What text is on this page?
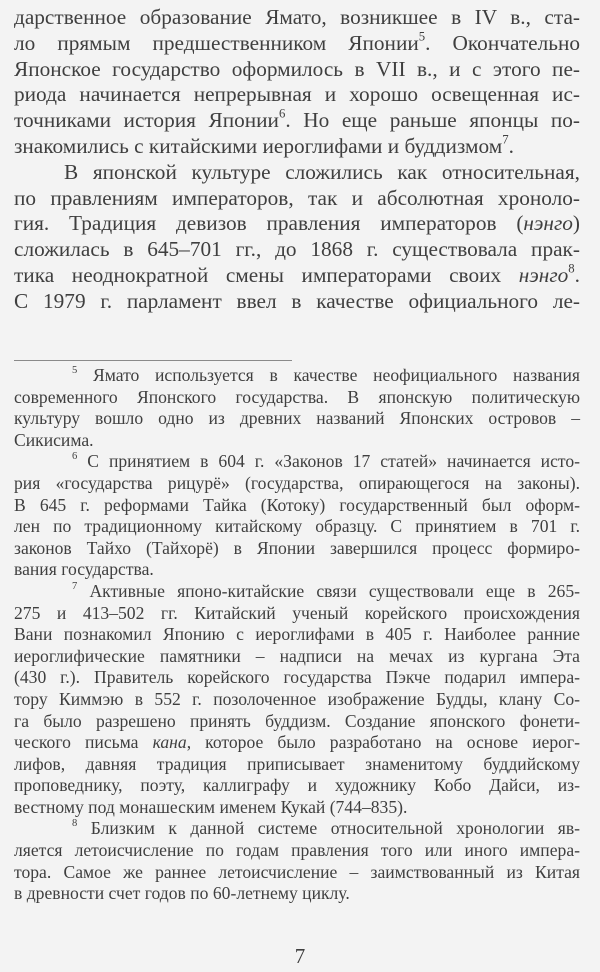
дарственное образование Ямато, возникшее в IV в., ста-
ло прямым предшественником Японии$^5$. Окончательно
Японское государство оформилось в VII в., и с этого пе-
риода начинается непрерывная и хорошо освещенная ис-
точниками история Японии$^6$. Но еще раньше японцы по-
знакомились с китайскими иероглифами и буддизмом$^7$.
В японской культуре сложились как относительная,
по правлениям императоров, так и абсолютная хроноло-
гия. Традиция девизов правления императоров (нэнго)
сложилась в 645–701 гг., до 1868 г. существовала прак-
тика неоднократной смены императорами своих нэнго$^8$.
С 1979 г. парламент ввел в качестве официального ле-
$^5$ Ямато используется в качестве неофициального названия
современного Японского государства. В японскую политическую
культуру вошло одно из древних названий Японских островов –
Сикисима.
$^6$ С принятием в 604 г. «Законов 17 статей» начинается исто-
рия «государства рицурё» (государства, опирающегося на законы).
В 645 г. реформами Тайка (Котоку) государственный был оформ-
лен по традиционному китайскому образцу. С принятием в 701 г.
законов Тайхо (Тайхорё) в Японии завершился процесс формиро-
вания государства.
$^7$ Активные японо-китайские связи существовали еще в 265-
275 и 413–502 гг. Китайский ученый корейского происхождения
Вани познакомил Японию с иероглифами в 405 г. Наиболее ранние
иероглифические памятники – надписи на мечах из кургана Эта
(430 г.). Правитель корейского государства Пэкче подарил импера-
тору Киммэю в 552 г. позолоченное изображение Будды, клану Со-
га было разрешено принять буддизм. Создание японского фонети-
ческого письма кана, которое было разработано на основе иерог-
лифов, давняя традиция приписывает знаменитому буддийскому
проповеднику, поэту, каллиграфу и художнику Кобо Дайси, из-
вестному под монашеским именем Кукай (744–835).
$^8$ Близким к данной системе относительной хронологии яв-
ляется летоисчисление по годам правления того или иного импера-
тора. Самое же раннее летоисчисление – заимствованный из Китая
в древности счет годов по 60-летнему циклу.
7
